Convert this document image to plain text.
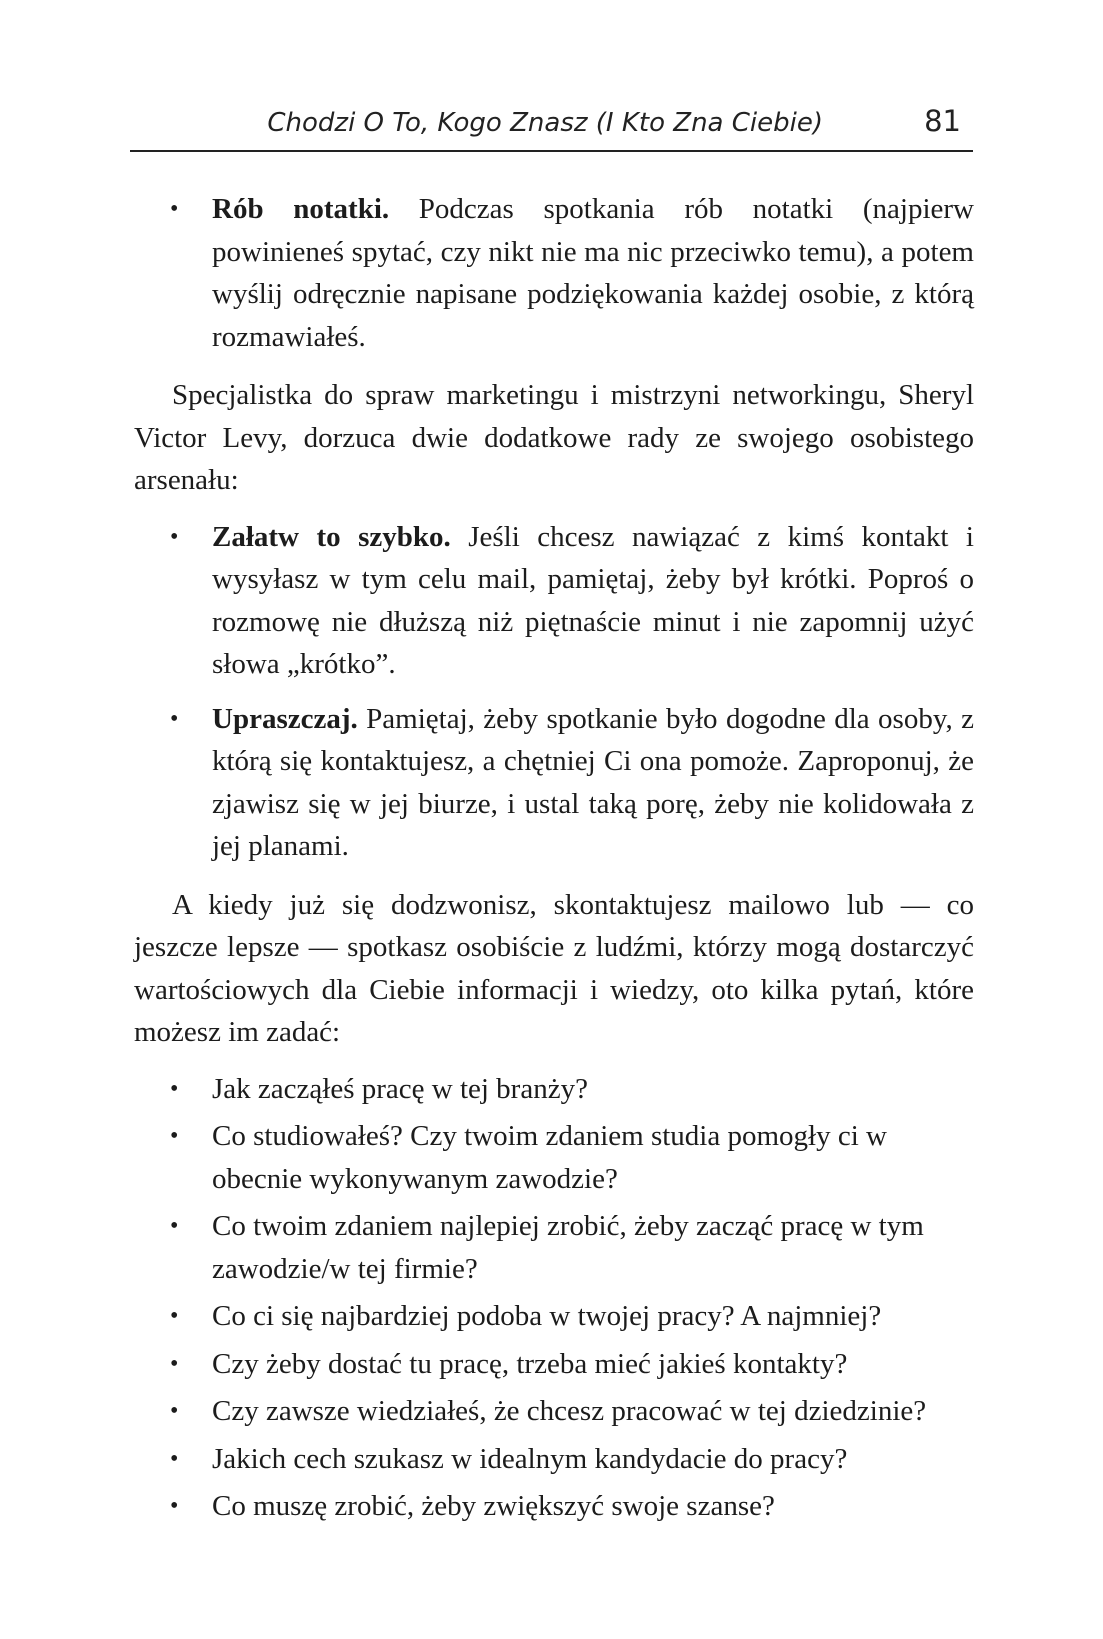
Chodzi O To, Kogo Znasz (I Kto Zna Ciebie)	81
• Rób notatki. Podczas spotkania rób notatki (najpierw powinieneś spytać, czy nikt nie ma nic przeciwko temu), a potem wyślij odręcznie napisane podziękowania każdej osobie, z którą rozmawiałeś.

Specjalistka do spraw marketingu i mistrzyni networkingu, Sheryl Victor Levy, dorzuca dwie dodatkowe rady ze swojego osobistego arsenału:

• Załatw to szybko. Jeśli chcesz nawiązać z kimś kontakt i wysyłasz w tym celu mail, pamiętaj, żeby był krótki. Poproś o rozmowę nie dłuższą niż piętnaście minut i nie zapomnij użyć słowa „krótko”.
• Upraszczaj. Pamiętaj, żeby spotkanie było dogodne dla osoby, z którą się kontaktujesz, a chętniej Ci ona pomoże. Zaproponuj, że zjawisz się w jej biurze, i ustal taką porę, żeby nie kolidowała z jej planami.

A kiedy już się dodzwonisz, skontaktujesz mailowo lub — co jeszcze lepsze — spotkasz osobiście z ludźmi, którzy mogą dostarczyć wartościowych dla Ciebie informacji i wiedzy, oto kilka pytań, które możesz im zadać:

• Jak zacząłeś pracę w tej branży?
• Co studiowałeś? Czy twoim zdaniem studia pomogły ci w obecnie wykonywanym zawodzie?
• Co twoim zdaniem najlepiej zrobić, żeby zacząć pracę w tym zawodzie/w tej firmie?
• Co ci się najbardziej podoba w twojej pracy? A najmniej?
• Czy żeby dostać tu pracę, trzeba mieć jakieś kontakty?
• Czy zawsze wiedziałeś, że chcesz pracować w tej dziedzinie?
• Jakich cech szukasz w idealnym kandydacie do pracy?
• Co muszę zrobić, żeby zwiększyć swoje szanse?
